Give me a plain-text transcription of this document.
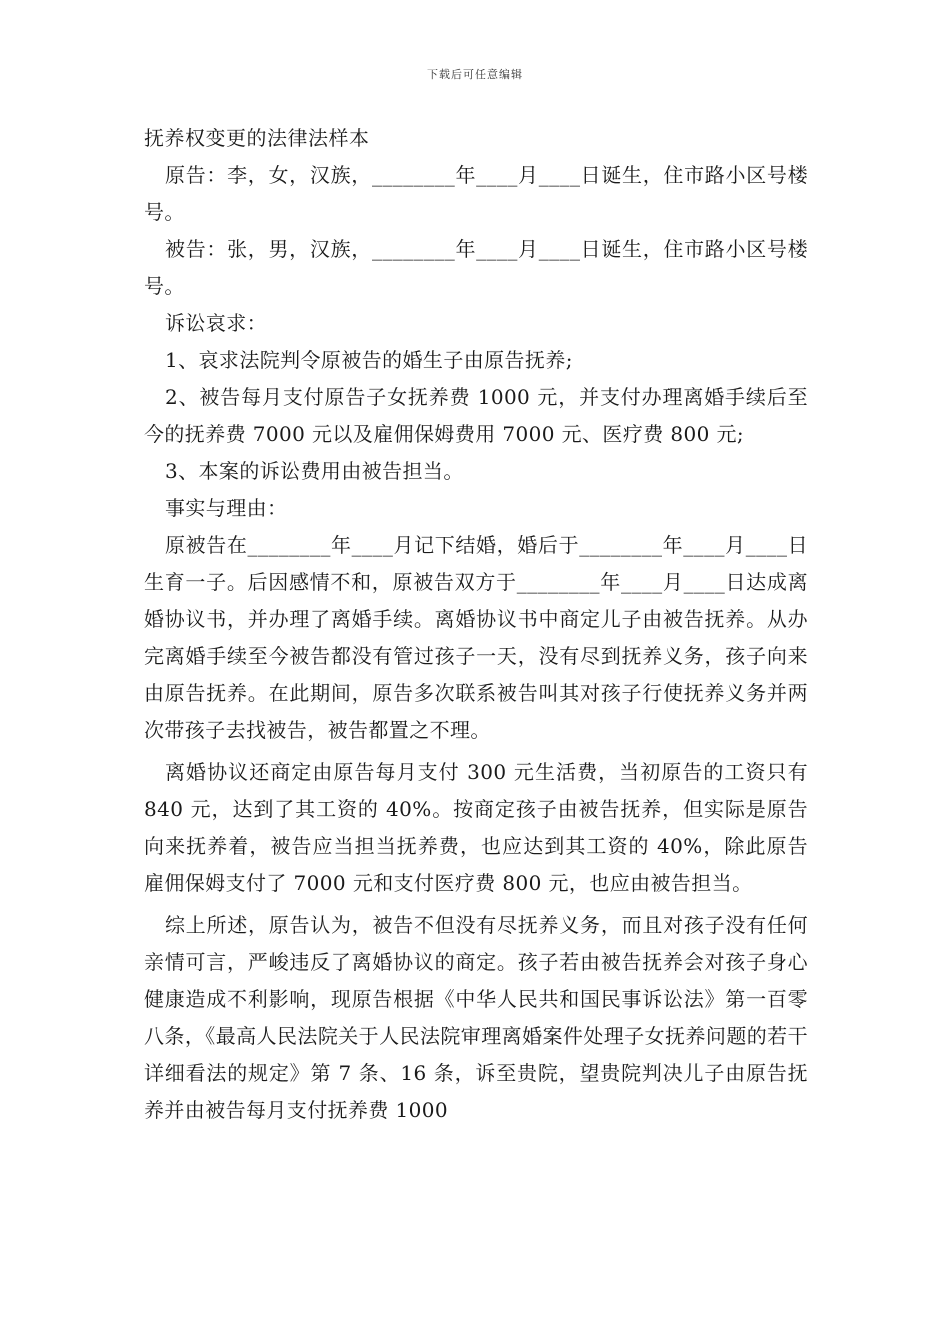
下载后可任意编辑

抚养权变更的法律法样本

原告：李，女，汉族，________年____月____日诞生，住市路小区号楼号。

被告：张，男，汉族，________年____月____日诞生，住市路小区号楼号。

诉讼哀求：

1、哀求法院判令原被告的婚生子由原告抚养;

2、被告每月支付原告子女抚养费 1000 元，并支付办理离婚手续后至今的抚养费 7000 元以及雇佣保姆费用 7000 元、医疗费 800 元;

3、本案的诉讼费用由被告担当。

事实与理由：

原被告在________年____月记下结婚，婚后于________年____月____日生育一子。后因感情不和，原被告双方于________年____月____日达成离婚协议书，并办理了离婚手续。离婚协议书中商定儿子由被告抚养。从办完离婚手续至今被告都没有管过孩子一天，没有尽到抚养义务，孩子向来由原告抚养。在此期间，原告多次联系被告叫其对孩子行使抚养义务并两次带孩子去找被告，被告都置之不理。

离婚协议还商定由原告每月支付 300 元生活费，当初原告的工资只有 840 元，达到了其工资的 40%。按商定孩子由被告抚养，但实际是原告向来抚养着，被告应当担当抚养费，也应达到其工资的 40%，除此原告雇佣保姆支付了 7000 元和支付医疗费 800 元，也应由被告担当。

综上所述，原告认为，被告不但没有尽抚养义务，而且对孩子没有任何亲情可言，严峻违反了离婚协议的商定。孩子若由被告抚养会对孩子身心健康造成不利影响，现原告根据《中华人民共和国民事诉讼法》第一百零八条，《最高人民法院关于人民法院审理离婚案件处理子女抚养问题的若干详细看法的规定》第 7 条、16 条，诉至贵院，望贵院判决儿子由原告抚养并由被告每月支付抚养费 1000
